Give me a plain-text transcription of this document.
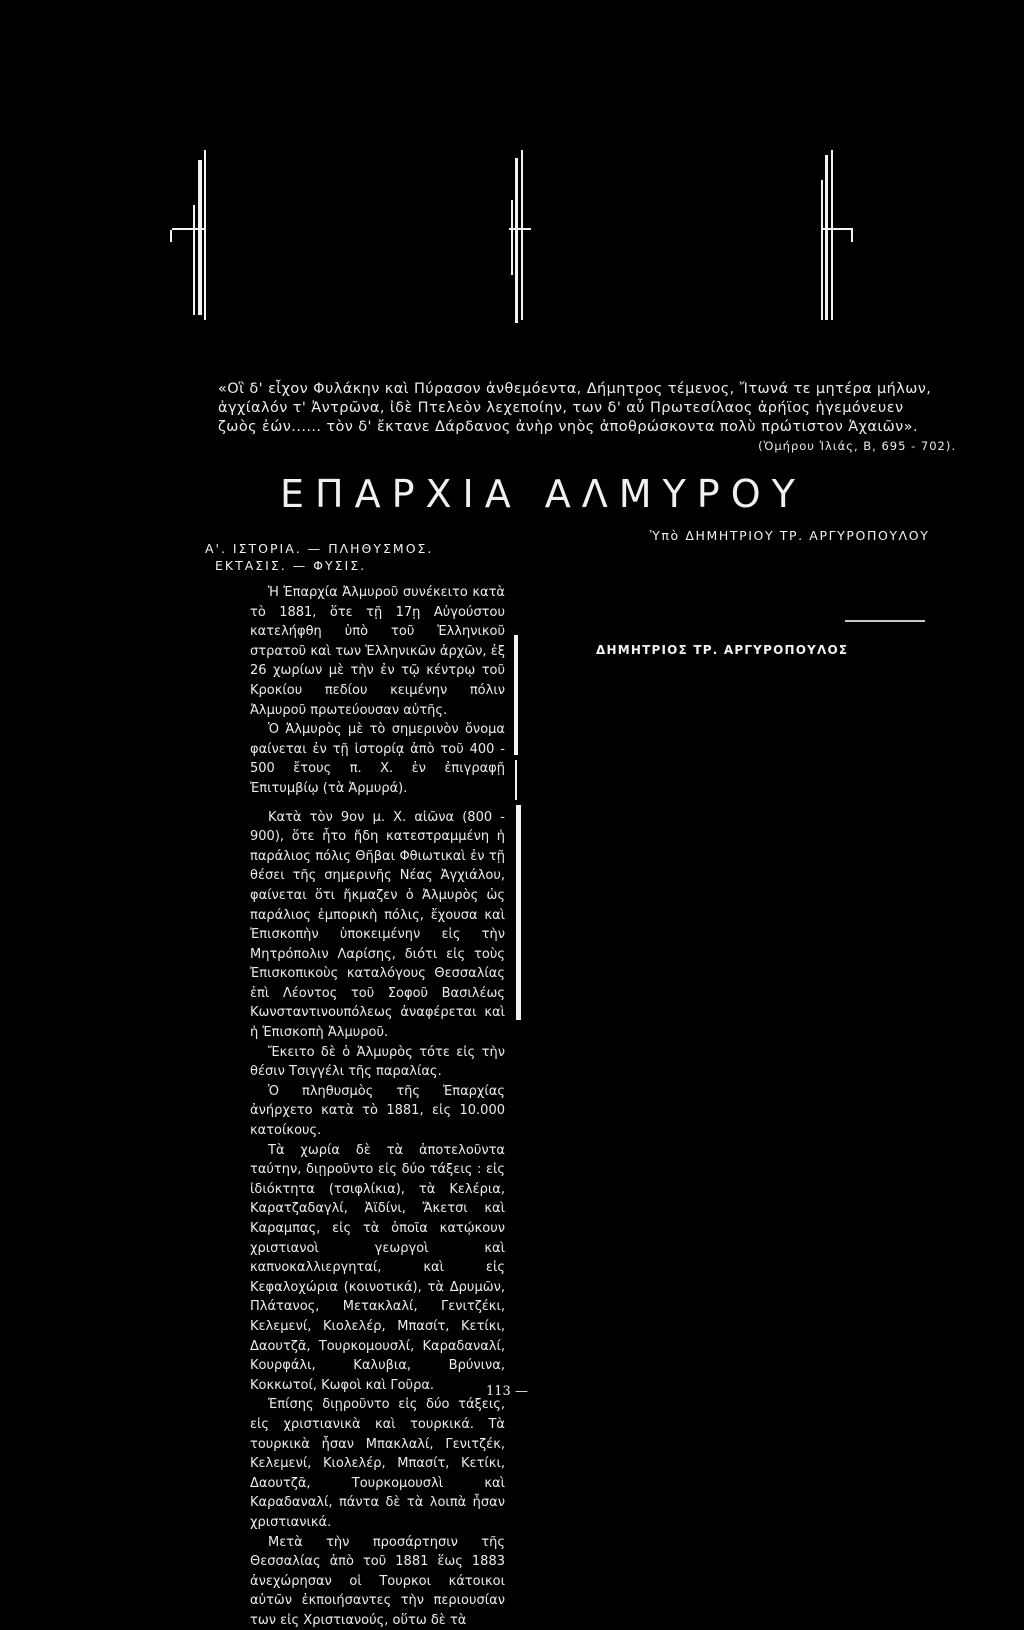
«Οἳ δ' εἶχον Φυλάκην καὶ Πύρασον ἀνθεμόεντα, Δήμητρος τέμενος, Ἴτωνά τε μητέρα μήλων,

ἀγχίαλόν τ' Ἀντρῶνα, ἰδὲ Πτελεὸν λεχεποίην, των δ' αὖ Πρωτεσίλαος ἀρήϊος ἡγεμόνευεν

ζωὸς ἐών...... τὸν δ' ἔκτανε Δάρδανος ἀνὴρ νηὸς ἀποθρώσκοντα πολὺ πρώτιστον Ἀχαιῶν».

(Ὁμήρου Ἰλιάς, Β, 695 - 702).
ΕΠΑΡΧΙΑ ΑΛΜΥΡΟΥ
Ὑπὸ ΔΗΜΗΤΡΙΟΥ ΤΡ. ΑΡΓΥΡΟΠΟΥΛΟΥ
Α'. ΙΣΤΟΡΙΑ. — ΠΛΗΘΥΣΜΟΣ.
ΕΚΤΑΣΙΣ. — ΦΥΣΙΣ.

Ἡ Ἐπαρχία Ἀλμυροῦ συνέκειτο κατὰ τὸ 1881, ὅτε τῇ 17ῃ Αὐγούστου κατελήφθη ὑπὸ τοῦ Ἑλληνικοῦ στρατοῦ καὶ των Ἑλληνικῶν ἀρχῶν, ἐξ 26 χωρίων μὲ τὴν ἐν τῷ κέντρῳ τοῦ Κροκίου πεδίου κειμένην πόλιν Ἀλμυροῦ πρωτεύουσαν αὐτῆς.

Ὁ Ἀλμυρὸς μὲ τὸ σημερινὸν ὄνομα φαίνεται ἐν τῇ ἱστορίᾳ ἀπὸ τοῦ 400 - 500 ἔτους π. Χ. ἐν ἐπιγραφῇ Ἐπιτυμβίῳ (τὰ Ἀρμυρά).

Κατὰ τὸν 9ον μ. Χ. αἰῶνα (800 - 900), ὅτε ἦτο ἤδη κατεστραμμένη ἡ παράλιος πόλις Θῆβαι Φθιωτικαὶ ἐν τῇ θέσει τῆς σημερινῆς Νέας Ἀγχιάλου, φαίνεται ὅτι ἤκμαζεν ὁ Ἀλμυρὸς ὡς παράλιος ἐμπορικὴ πόλις, ἔχουσα καὶ Ἐπισκοπὴν ὑποκειμένην εἰς τὴν Μητρόπολιν Λαρίσης, διότι εἰς τοὺς Ἐπισκοπικοὺς καταλόγους Θεσσαλίας ἐπὶ Λέοντος τοῦ Σοφοῦ Βασιλέως Κωνσταντινουπόλεως ἀναφέρεται καὶ ἡ Ἐπισκοπὴ Ἀλμυροῦ.

Ἔκειτο δὲ ὁ Ἀλμυρὸς τότε εἰς τὴν θέσιν Τσιγγέλι τῆς παραλίας.

Ὁ πληθυσμὸς τῆς Ἐπαρχίας ἀνήρχετο κατὰ τὸ 1881, εἰς 10.000 κατοίκους.

Τὰ χωρία δὲ τὰ ἀποτελοῦντα ταύτην, διῃροῦντο εἰς δύο τάξεις : εἰς ἰδιόκτητα (τσιφλίκια), τὰ Κελέρια, Καρατζαδαγλί, Ἀϊδίνι, Ἄκετσι καὶ Καραμπας, εἰς τὰ ὁποῖα κατῴκουν χριστιανοὶ γεωργοὶ καὶ καπνοκαλλιεργηταί, καὶ εἰς Κεφαλοχώρια (κοινοτικά), τὰ Δρυμῶν, Πλάτανος, Μετακλαλί, Γενιτζέκι, Κελεμενί, Κιολελέρ, Μπασίτ, Κετίκι, Δαουτζᾶ, Τουρκομουσλί, Καραδαναλί, Κουρφάλι, Καλυβια, Βρύνινα, Κοκκωτοί, Κωφοὶ καὶ Γοῦρα.

Ἐπίσης διῃροῦντο εἰς δύο τάξεις, εἰς χριστιανικὰ καὶ τουρκικά. Τὰ τουρκικὰ ἦσαν Μπακλαλί, Γενιτζέκ, Κελεμενί, Κιολελέρ, Μπασίτ, Κετίκι, Δαουτζᾶ, Τουρκομουσλὶ καὶ Καραδαναλί, πάντα δὲ τὰ λοιπὰ ἦσαν χριστιανικά.

Μετὰ τὴν προσάρτησιν τῆς Θεσσαλίας ἀπὸ τοῦ 1881 ἕως 1883 ἀνεχώρησαν οἱ Τουρκοι κάτοικοι αὐτῶν ἐκποιήσαντες τὴν περιουσίαν των εἰς Χριστιανούς, οὕτω δὲ τὰ

ΔΗΜΗΤΡΙΟΣ ΤΡ. ΑΡΓΥΡΟΠΟΥΛΟΣ
113 —
